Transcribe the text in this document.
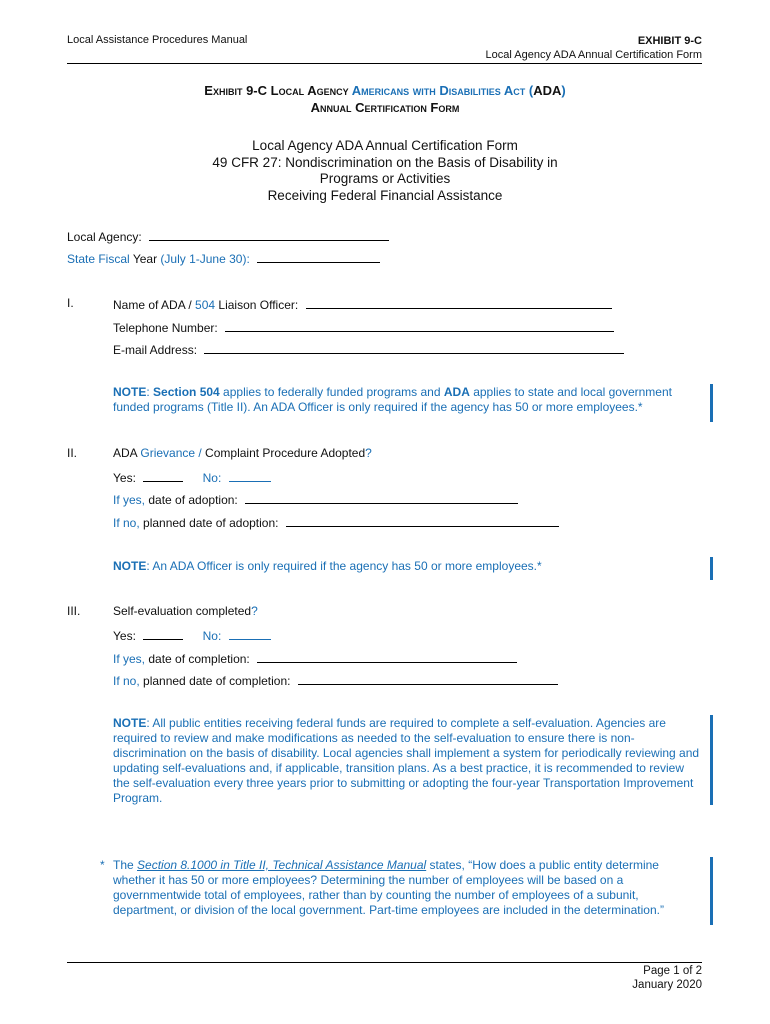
Local Assistance Procedures Manual	EXHIBIT 9-C
Local Agency ADA Annual Certification Form
Exhibit 9-C Local Agency Americans with Disabilities Act (ADA)
Annual Certification Form
Local Agency ADA Annual Certification Form
49 CFR 27: Nondiscrimination on the Basis of Disability in
Programs or Activities
Receiving Federal Financial Assistance
Local Agency:
State Fiscal Year (July 1-June 30):
I.	Name of ADA / 504 Liaison Officer:
Telephone Number:
E-mail Address:
NOTE: Section 504 applies to federally funded programs and ADA applies to state and local government funded programs (Title II). An ADA Officer is only required if the agency has 50 or more employees.*
II.	ADA Grievance / Complaint Procedure Adopted?
Yes:	No:
If yes, date of adoption:
If no, planned date of adoption:
NOTE: An ADA Officer is only required if the agency has 50 or more employees.*
III.	Self-evaluation completed?
Yes:	No:
If yes, date of completion:
If no, planned date of completion:
NOTE: All public entities receiving federal funds are required to complete a self-evaluation. Agencies are required to review and make modifications as needed to the self-evaluation to ensure there is non-discrimination on the basis of disability. Local agencies shall implement a system for periodically reviewing and updating self-evaluations and, if applicable, transition plans. As a best practice, it is recommended to review the self-evaluation every three years prior to submitting or adopting the four-year Transportation Improvement Program.
* The Section 8.1000 in Title II, Technical Assistance Manual states, “How does a public entity determine whether it has 50 or more employees? Determining the number of employees will be based on a governmentwide total of employees, rather than by counting the number of employees of a subunit, department, or division of the local government. Part-time employees are included in the determination.”
Page 1 of 2
January 2020
